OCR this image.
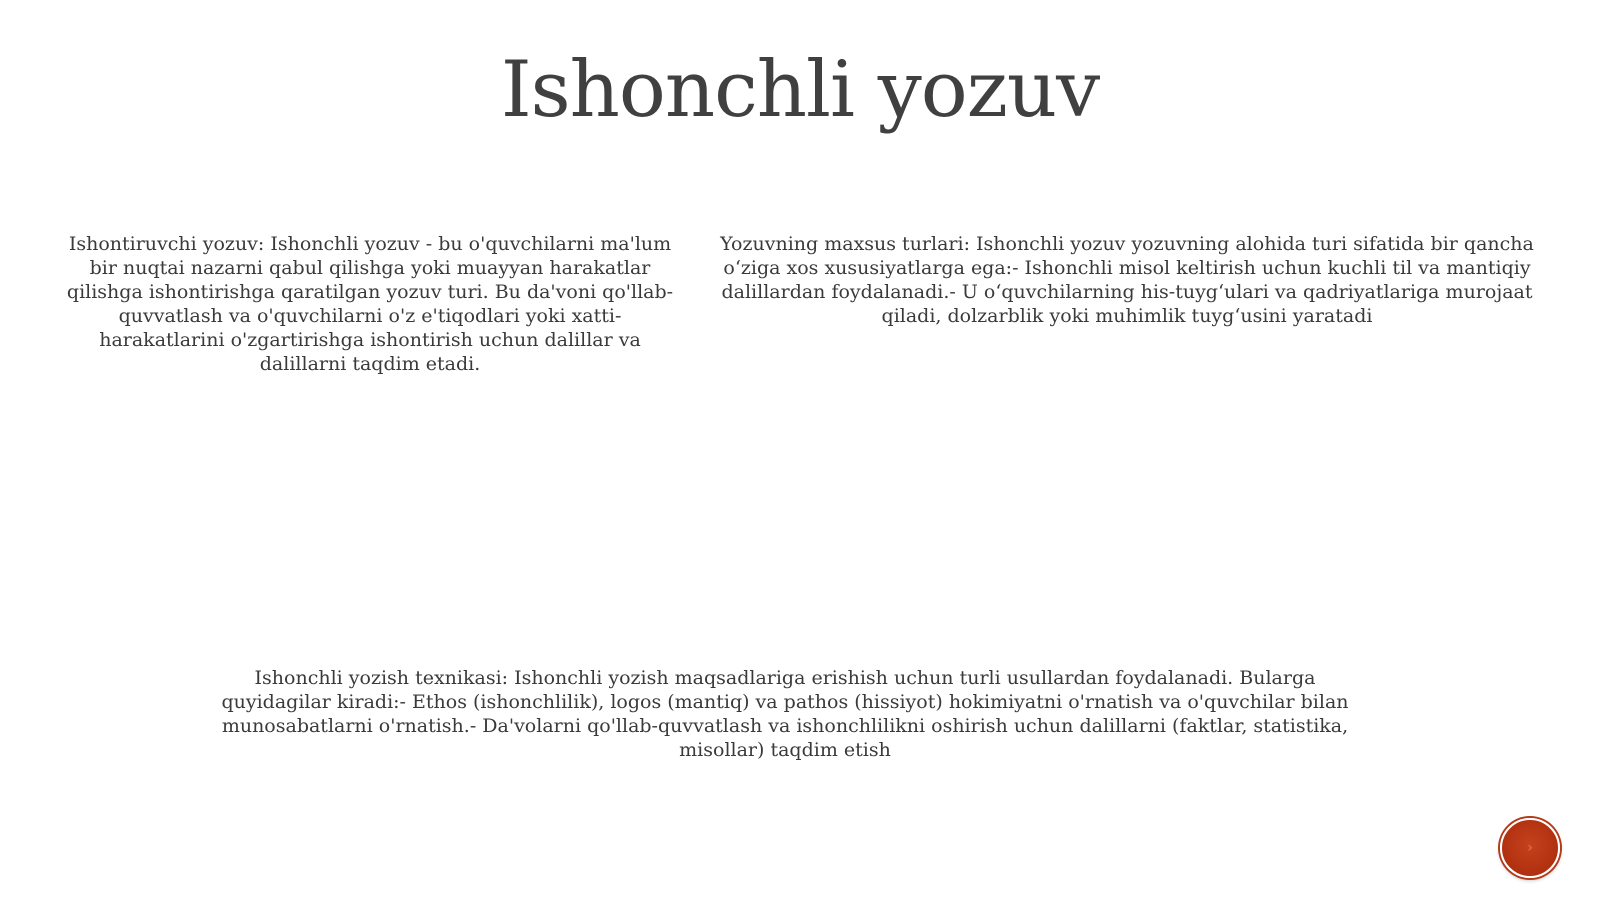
Ishonchli yozuv
Ishontiruvchi yozuv: Ishonchli yozuv - bu o'quvchilarni ma'lum bir nuqtai nazarni qabul qilishga yoki muayyan harakatlar qilishga ishontirishga qaratilgan yozuv turi. Bu da'voni qo'llab-quvvatlash va o'quvchilarni o'z e'tiqodlari yoki xatti-harakatlarini o'zgartirishga ishontirish uchun dalillar va dalillarni taqdim etadi.
Yozuvning maxsus turlari: Ishonchli yozuv yozuvning alohida turi sifatida bir qancha o‘ziga xos xususiyatlarga ega:- Ishonchli misol keltirish uchun kuchli til va mantiqiy dalillardan foydalanadi.- U o‘quvchilarning his-tuyg‘ulari va qadriyatlariga murojaat qiladi, dolzarblik yoki muhimlik tuyg‘usini yaratadi
Ishonchli yozish texnikasi: Ishonchli yozish maqsadlariga erishish uchun turli usullardan foydalanadi. Bularga quyidagilar kiradi:- Ethos (ishonchlilik), logos (mantiq) va pathos (hissiyot) hokimiyatni o'rnatish va o'quvchilar bilan munosabatlarni o'rnatish.- Da'volarni qo'llab-quvvatlash va ishonchlilikni oshirish uchun dalillarni (faktlar, statistika, misollar) taqdim etish
›
